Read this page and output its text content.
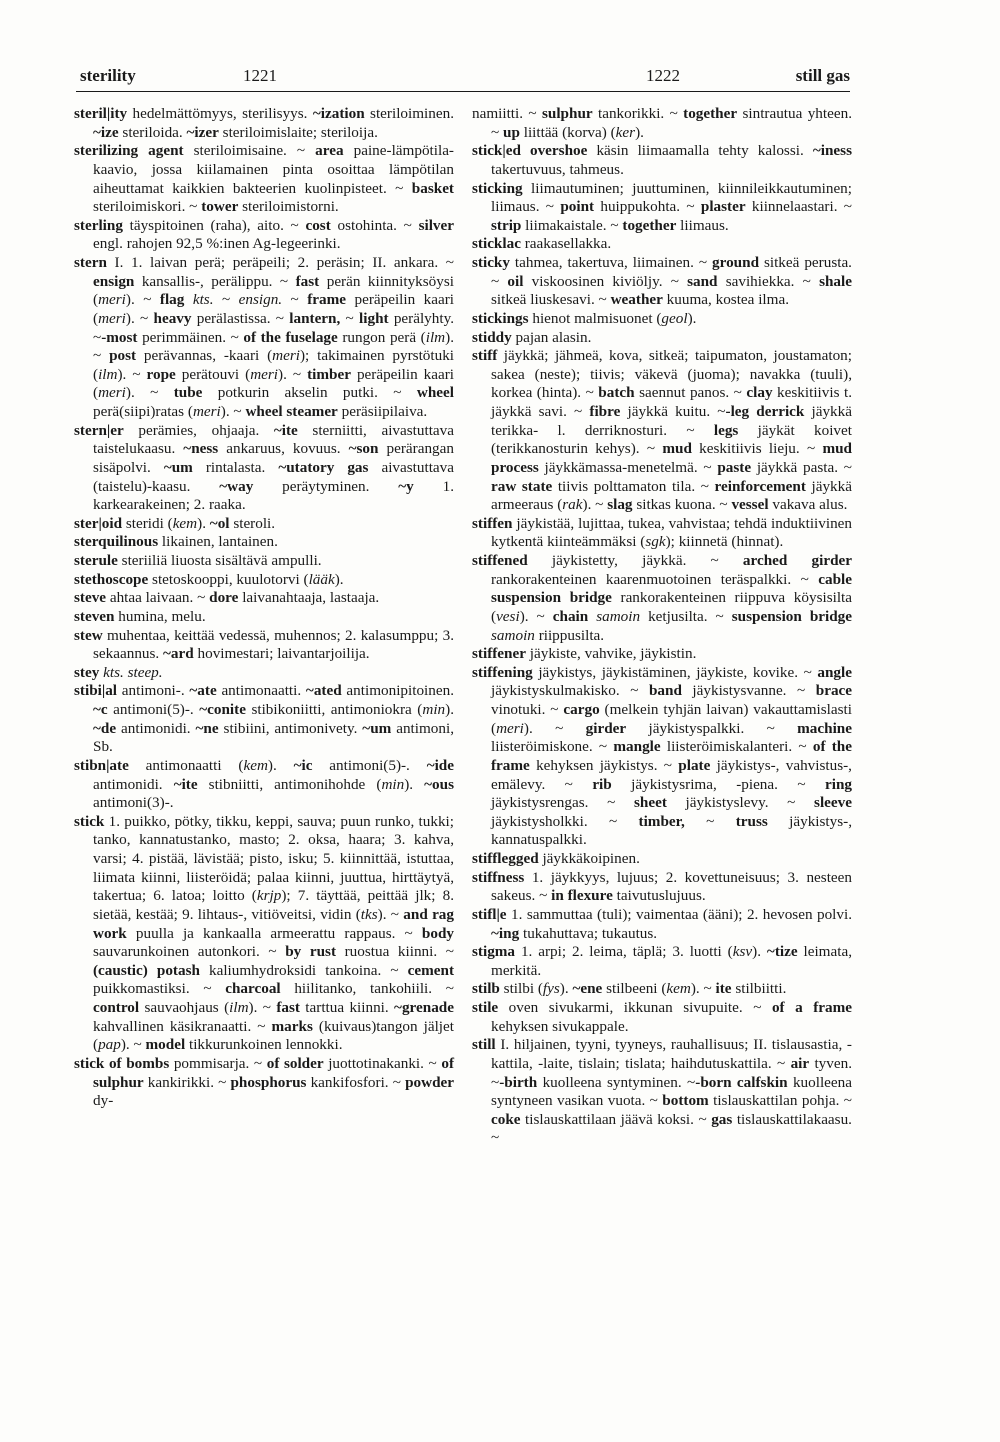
sterility	1221	1222	still gas
steril|ity hedelmättömyys, sterilisyys. ~ization steriloiminen. ~ize steriloida. ~izer steriloimislaite; steriloija.
sterilizing agent steriloimisaine. ~ area paine-lämpötila-kaavio, jossa kiilamainen pinta osoittaa lämpötilan aiheuttamat kaikkien bakteerien kuolinpisteet. ~ basket steriloimiskori. ~ tower steriloimistorni.
sterling täyspitoinen (raha), aito. ~ cost ostohinta. ~ silver engl. rahojen 92,5 %:inen Ag-legeerinki.
stern I. 1. laivan perä; peräpeili; 2. peräsin; II. ankara. ~ ensign kansallis-, perälippu. ~ fast perän kiinnityksöysi (meri). ~ flag kts. ~ ensign. ~ frame peräpeilin kaari (meri). ~ heavy perälastissa. ~ lantern, ~ light perälyhty. ~-most perimmäinen. ~ of the fuselage rungon perä (ilm). ~ post perävannas, -kaari (meri); takimainen pyrstötuki (ilm). ~ rope perätouvi (meri). ~ timber peräpeilin kaari (meri). ~ tube potkurin akselin putki. ~ wheel perä(siipi)ratas (meri). ~ wheel steamer peräsiipilaiva.
stern|er perämies, ohjaaja. ~ite sterniitti, aivastuttava taistelukaasu. ~ness ankaruus, kovuus. ~son perärangan sisäpolvi. ~um rintalasta. ~utatory gas aivastuttava (taistelu)-kaasu. ~way peräytyminen. ~y 1. karkearakeinen; 2. raaka.
ster|oid steridi (kem). ~ol steroli.
sterquilinous likainen, lantainen.
sterule steriiliä liuosta sisältävä ampulli.
stethoscope stetoskooppi, kuulotorvi (lääk).
steve ahtaa laivaan. ~ dore laivanahtaaja, lastaaja.
steven humina, melu.
stew muhentaa, keittää vedessä, muhennos; 2. kalasumppu; 3. sekaannus. ~ard hovimestari; laivantarjoilija.
stey kts. steep.
stibi|al antimoni-. ~ate antimonaatti. ~ated antimonipitoinen. ~c antimoni(5)-. ~conite stibikoniitti, antimoniokra (min). ~de antimonidi. ~ne stibiini, antimonivety. ~um antimoni, Sb.
stibn|ate antimonaatti (kem). ~ic antimoni(5)-. ~ide antimonidi. ~ite stibniitti, antimonihohde (min). ~ous antimoni(3)-.
stick 1. puikko, pötky, tikku, keppi, sauva; puun runko, tukki; tanko, kannatustanko, masto; 2. oksa, haara; 3. kahva, varsi; 4. pistää, lävistää; pisto, isku; 5. kiinnittää, istuttaa, liimata kiinni, liisteröidä; palaa kiinni, juuttua, hirttäytyä, takertua; 6. latoa; loitto (krjp); 7. täyttää, peittää jlk; 8. sietää, kestää; 9. lihtaus-, vitiöveitsi, vidin (tks). ~ and rag work puulla ja kankaalla armeerattu rappaus. ~ body sauvarunkoinen autonkori. ~ by rust ruostua kiinni. ~ (caustic) potash kaliumhydroksidi tankoina. ~ cement puikkomastiksi. ~ charcoal hiilitanko, tankohiili. ~ control sauvaohjaus (ilm). ~ fast tarttua kiinni. ~grenade kahvallinen käsikranaatti. ~ marks (kuivaus)tangon jäljet (pap). ~ model tikkurunkoinen lennokki.
stick of bombs pommisarja. ~ of solder juottotinakanki. ~ of sulphur kankirikki. ~ phosphorus kankifosfori. ~ powder dy-
namiitti. ~ sulphur tankorikki. ~ together sintrautua yhteen. ~ up liittää (korva) (ker).
stick|ed overshoe käsin liimaamalla tehty kalossi. ~iness takertuvuus, tahmeus.
sticking liimautuminen; juuttuminen, kiinnileikkautuminen; liimaus. ~ point huippukohta. ~ plaster kiinnelaastari. ~ strip liimakaistale. ~ together liimaus.
sticklac raakasellakka.
sticky tahmea, takertuva, liimainen. ~ ground sitkeä perusta. ~ oil viskoosinen kiviöljy. ~ sand savihiekka. ~ shale sitkeä liuskesavi. ~ weather kuuma, kostea ilma.
stickings hienot malmisuonet (geol).
stiddy pajan alasin.
stiff jäykkä; jähmeä, kova, sitkeä; taipumaton, joustamaton; sakea (neste); tiivis; väkevä (juoma); navakka (tuuli), korkea (hinta). ~ batch saennut panos. ~ clay keskitiivis t. jäykkä savi. ~ fibre jäykkä kuitu. ~-leg derrick jäykkä terikka- l. derriknosturi. ~ legs jäykät koivet (terikkanosturin kehys). ~ mud keskitiivis lieju. ~ mud process jäykkämassa-menetelmä. ~ paste jäykkä pasta. ~ raw state tiivis polttamaton tila. ~ reinforcement jäykkä armeeraus (rak). ~ slag sitkas kuona. ~ vessel vakava alus.
stiffen jäykistää, lujittaa, tukea, vahvistaa; tehdä induktiivinen kytkentä kiinteämmäksi (sgk); kiinnetä (hinnat).
stiffened jäykistetty, jäykkä. ~ arched girder rankorakenteinen kaarenmuotoinen teräspalkki. ~ cable suspension bridge rankorakenteinen riippuva köysisilta (vesi). ~ chain samoin ketjusilta. ~ suspension bridge samoin riippusilta.
stiffener jäykiste, vahvike, jäykistin.
stiffening jäykistys, jäykistäminen, jäykiste, kovike. ~ angle jäykistyskulmakisko. ~ band jäykistysvanne. ~ brace vinotuki. ~ cargo (melkein tyhjän laivan) vakauttamislasti (meri). ~ girder jäykistyspalkki. ~ machine liisteröimiskone. ~ mangle liisteröimiskalanteri. ~ of the frame kehyksen jäykistys. ~ plate jäykistys-, vahvistus-, emälevy. ~ rib jäykistysrima, -piena. ~ ring jäykistysrengas. ~ sheet jäykistyslevy. ~ sleeve jäykistysholkki. ~ timber, ~ truss jäykistys-, kannatuspalkki.
stifflegged jäykkäkoipinen.
stiffness 1. jäykkyys, lujuus; 2. kovettuneisuus; 3. nesteen sakeus. ~ in flexure taivutuslujuus.
stifl|e 1. sammuttaa (tuli); vaimentaa (ääni); 2. hevosen polvi. ~ing tukahuttava; tukautus.
stigma 1. arpi; 2. leima, täplä; 3. luotti (ksv). ~tize leimata, merkitä.
stilb stilbi (fys). ~ene stilbeeni (kem). ~ ite stilbiitti.
stile oven sivukarmi, ikkunan sivupuite. ~ of a frame kehyksen sivukappale.
still I. hiljainen, tyyni, tyyneys, rauhallisuus; II. tislausastia, -kattila, -laite, tislain; tislata; haihdutuskattila. ~ air tyven. ~-birth kuolleena syntyminen. ~-born calfskin kuolleena syntyneen vasikan vuota. ~ bottom tislauskattilan pohja. ~ coke tislauskattilaan jäävä koksi. ~ gas tislauskattilakaasu. ~
